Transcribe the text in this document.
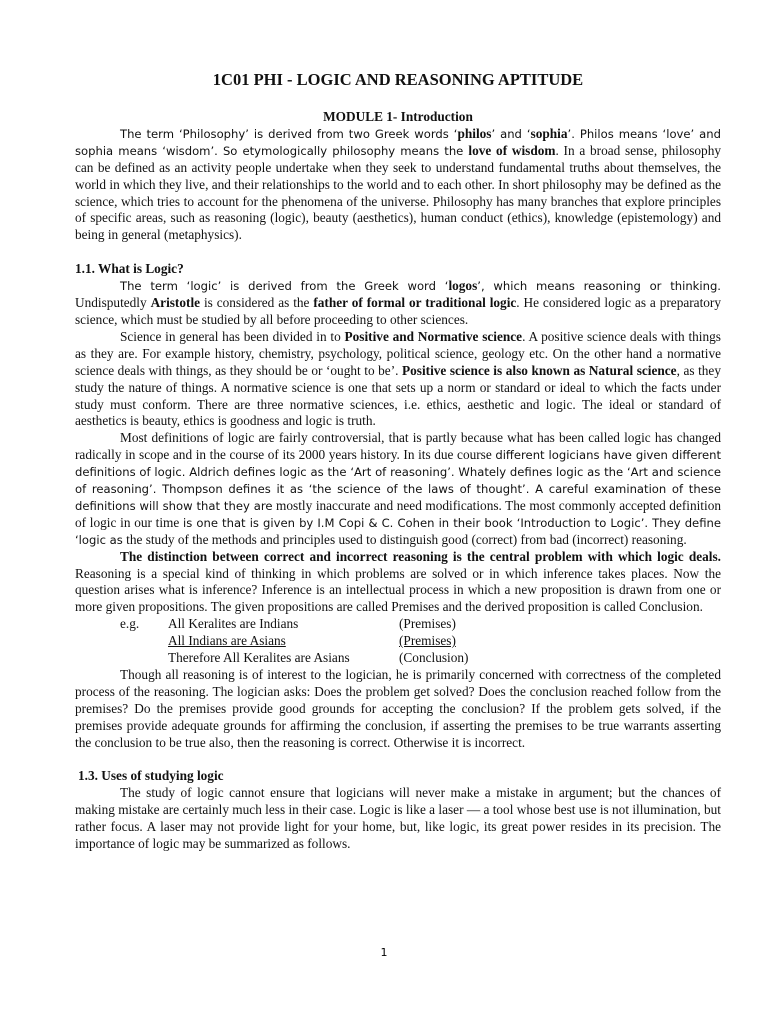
1C01 PHI - LOGIC AND REASONING APTITUDE
MODULE 1- Introduction

The term ‘Philosophy’ is derived from two Greek words ‘philos’ and ‘sophia’. Philos means ‘love’ and sophia means ‘wisdom’. So etymologically philosophy means the love of wisdom. In a broad sense, philosophy can be defined as an activity people undertake when they seek to understand fundamental truths about themselves, the world in which they live, and their relationships to the world and to each other. In short philosophy may be defined as the science, which tries to account for the phenomena of the universe. Philosophy has many branches that explore principles of specific areas, such as reasoning (logic), beauty (aesthetics), human conduct (ethics), knowledge (epistemology) and being in general (metaphysics).

1.1. What is Logic?

The term ‘logic’ is derived from the Greek word ‘logos’, which means reasoning or thinking. Undisputedly Aristotle is considered as the father of formal or traditional logic. He considered logic as a preparatory science, which must be studied by all before proceeding to other sciences.

Science in general has been divided in to Positive and Normative science. A positive science deals with things as they are. For example history, chemistry, psychology, political science, geology etc. On the other hand a normative science deals with things, as they should be or ‘ought to be’. Positive science is also known as Natural science, as they study the nature of things. A normative science is one that sets up a norm or standard or ideal to which the facts under study must conform. There are three normative sciences, i.e. ethics, aesthetic and logic. The ideal or standard of aesthetics is beauty, ethics is goodness and logic is truth.

Most definitions of logic are fairly controversial, that is partly because what has been called logic has changed radically in scope and in the course of its 2000 years history. In its due course different logicians have given different definitions of logic. Aldrich defines logic as the ‘Art of reasoning’. Whately defines logic as the ‘Art and science of reasoning’. Thompson defines it as ‘the science of the laws of thought’. A careful examination of these definitions will show that they are mostly inaccurate and need modifications. The most commonly accepted definition of logic in our time is one that is given by I.M Copi & C. Cohen in their book ‘Introduction to Logic’. They define ‘logic as the study of the methods and principles used to distinguish good (correct) from bad (incorrect) reasoning.

The distinction between correct and incorrect reasoning is the central problem with which logic deals. Reasoning is a special kind of thinking in which problems are solved or in which inference takes places. Now the question arises what is inference? Inference is an intellectual process in which a new proposition is drawn from one or more given propositions. The given propositions are called Premises and the derived proposition is called Conclusion.

e.g. All Keralites are Indians	(Premises)
All Indians are Asians	(Premises)
Therefore All Keralites are Asians	(Conclusion)

Though all reasoning is of interest to the logician, he is primarily concerned with correctness of the completed process of the reasoning. The logician asks: Does the problem get solved? Does the conclusion reached follow from the premises? Do the premises provide good grounds for accepting the conclusion? If the problem gets solved, if the premises provide adequate grounds for affirming the conclusion, if asserting the premises to be true warrants asserting the conclusion to be true also, then the reasoning is correct. Otherwise it is incorrect.

1.3. Uses of studying logic

The study of logic cannot ensure that logicians will never make a mistake in argument; but the chances of making mistake are certainly much less in their case. Logic is like a laser — a tool whose best use is not illumination, but rather focus. A laser may not provide light for your home, but, like logic, its great power resides in its precision. The importance of logic may be summarized as follows.

1
